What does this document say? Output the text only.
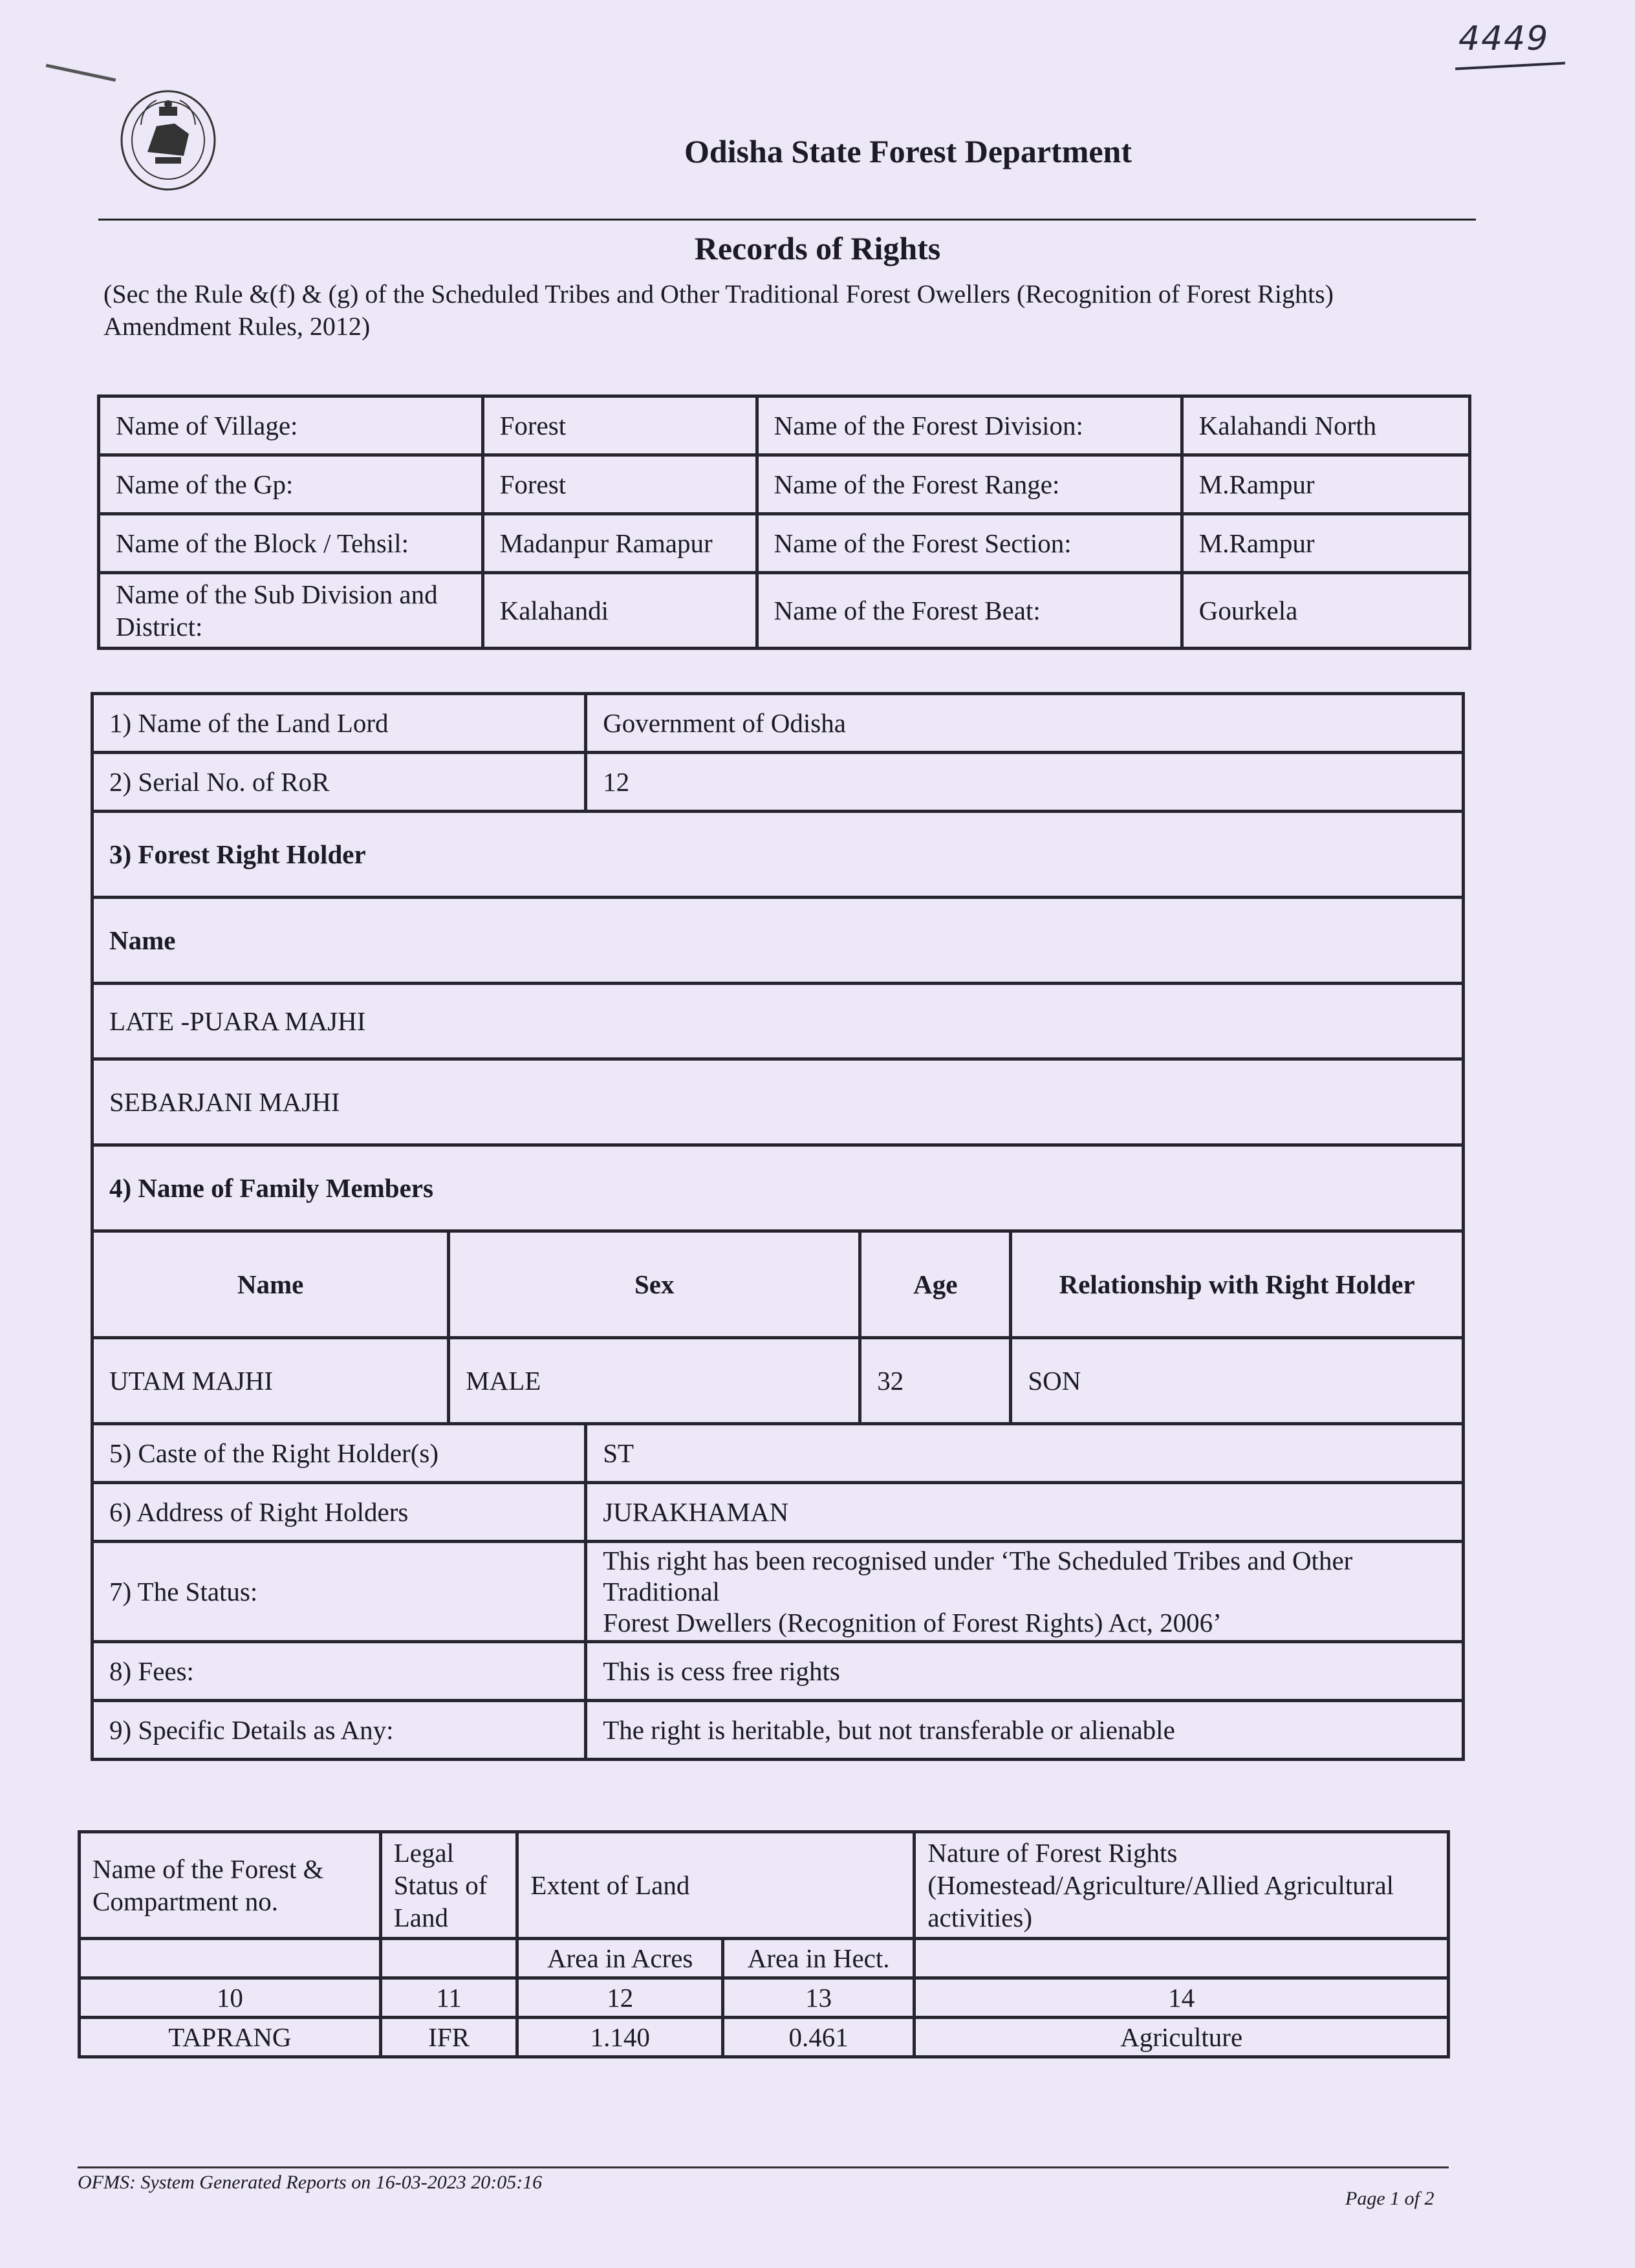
4449
Odisha State Forest Department
Records of Rights
(Sec the Rule &(f) & (g) of the Scheduled Tribes and Other Traditional Forest Owellers (Recognition of Forest Rights) Amendment Rules, 2012)
Name of Village:	Forest	Name of the Forest Division:	Kalahandi North
Name of the Gp:	Forest	Name of the Forest Range:	M.Rampur
Name of the Block / Tehsil:	Madanpur Ramapur	Name of the Forest Section:	M.Rampur
Name of the Sub Division and District:	Kalahandi	Name of the Forest Beat:	Gourkela
1) Name of the Land Lord		Government of Odisha		
2) Serial No. of RoR		12		
3) Forest Right Holder				
Name				
LATE -PUARA MAJHI				
SEBARJANI MAJHI				
4) Name of Family Members				
Name	Sex		Age	Relationship with Right Holder
UTAM MAJHI	MALE		32	SON
5) Caste of the Right Holder(s)		ST		
6) Address of Right Holders		JURAKHAMAN		
7) The Status:		This right has been recognised under ‘The Scheduled Tribes and Other
Traditional
Forest Dwellers (Recognition of Forest Rights) Act, 2006’		

8) Fees:		This is cess free rights		
9) Specific Details as Any:		The right is heritable, but not transferable or alienable		
Name of the Forest & Compartment no.	Legal Status of Land	Extent of Land		Nature of Forest Rights (Homestead/Agriculture/Allied Agricultural activities)
		Area in Acres	Area in Hect.	
10	11	12	13	14
TAPRANG	IFR	1.140	0.461	Agriculture
OFMS: System Generated Reports on 16-03-2023 20:05:16
Page 1 of 2
